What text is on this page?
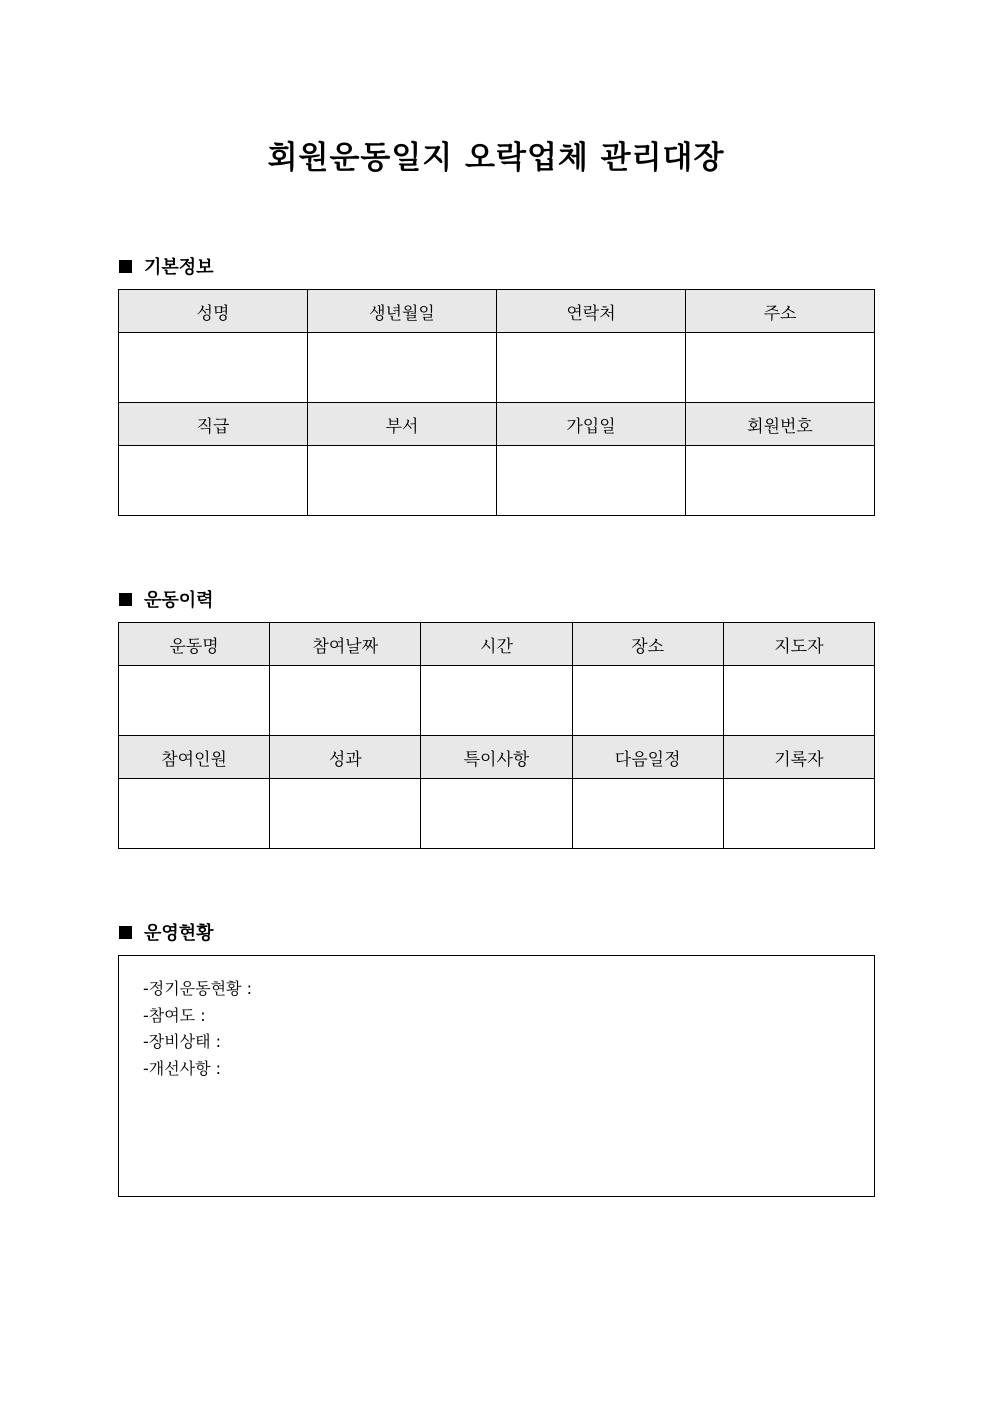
회원운동일지 오락업체 관리대장
기본정보
성명	생년월일	연락처	주소

직급	부서	가입일	회원번호

운동이력
운동명	참여날짜	시간	장소	지도자

참여인원	성과	특이사항	다음일정	기록자

운영현황
-정기운동현황 :
-참여도 :
-장비상태 :
-개선사항 :
